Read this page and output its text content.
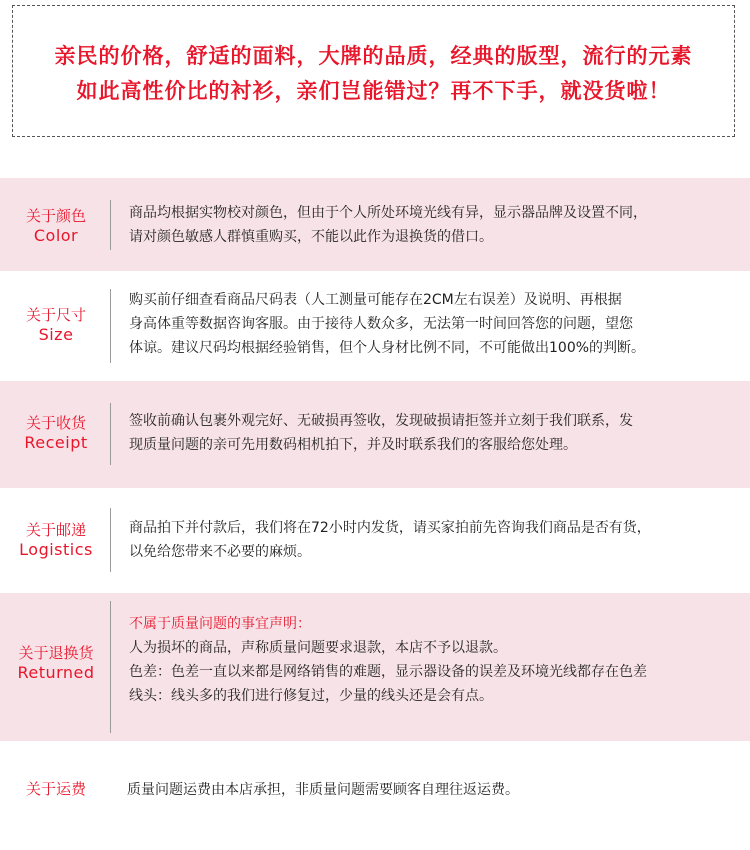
亲民的价格，舒适的面料，大牌的品质，经典的版型，流行的元素
如此高性价比的衬衫，亲们岂能错过？再不下手，就没货啦！
关于颜色
Color
商品均根据实物校对颜色，但由于个人所处环境光线有异，显示器品牌及设置不同，
请对颜色敏感人群慎重购买，不能以此作为退换货的借口。
关于尺寸
Size
购买前仔细查看商品尺码表（人工测量可能存在2CM左右误差）及说明、再根据
身高体重等数据咨询客服。由于接待人数众多，无法第一时间回答您的问题，望您
体谅。建议尺码均根据经验销售，但个人身材比例不同，不可能做出100%的判断。
关于收货
Receipt
签收前确认包裹外观完好、无破损再签收，发现破损请拒签并立刻于我们联系，发
现质量问题的亲可先用数码相机拍下，并及时联系我们的客服给您处理。
关于邮递
Logistics
商品拍下并付款后，我们将在72小时内发货，请买家拍前先咨询我们商品是否有货，
以免给您带来不必要的麻烦。
关于退换货
Returned
不属于质量问题的事宜声明：
人为损坏的商品，声称质量问题要求退款，本店不予以退款。
色差：色差一直以来都是网络销售的难题，显示器设备的误差及环境光线都存在色差
线头：线头多的我们进行修复过，少量的线头还是会有点。
关于运费	质量问题运费由本店承担，非质量问题需要顾客自理往返运费。
